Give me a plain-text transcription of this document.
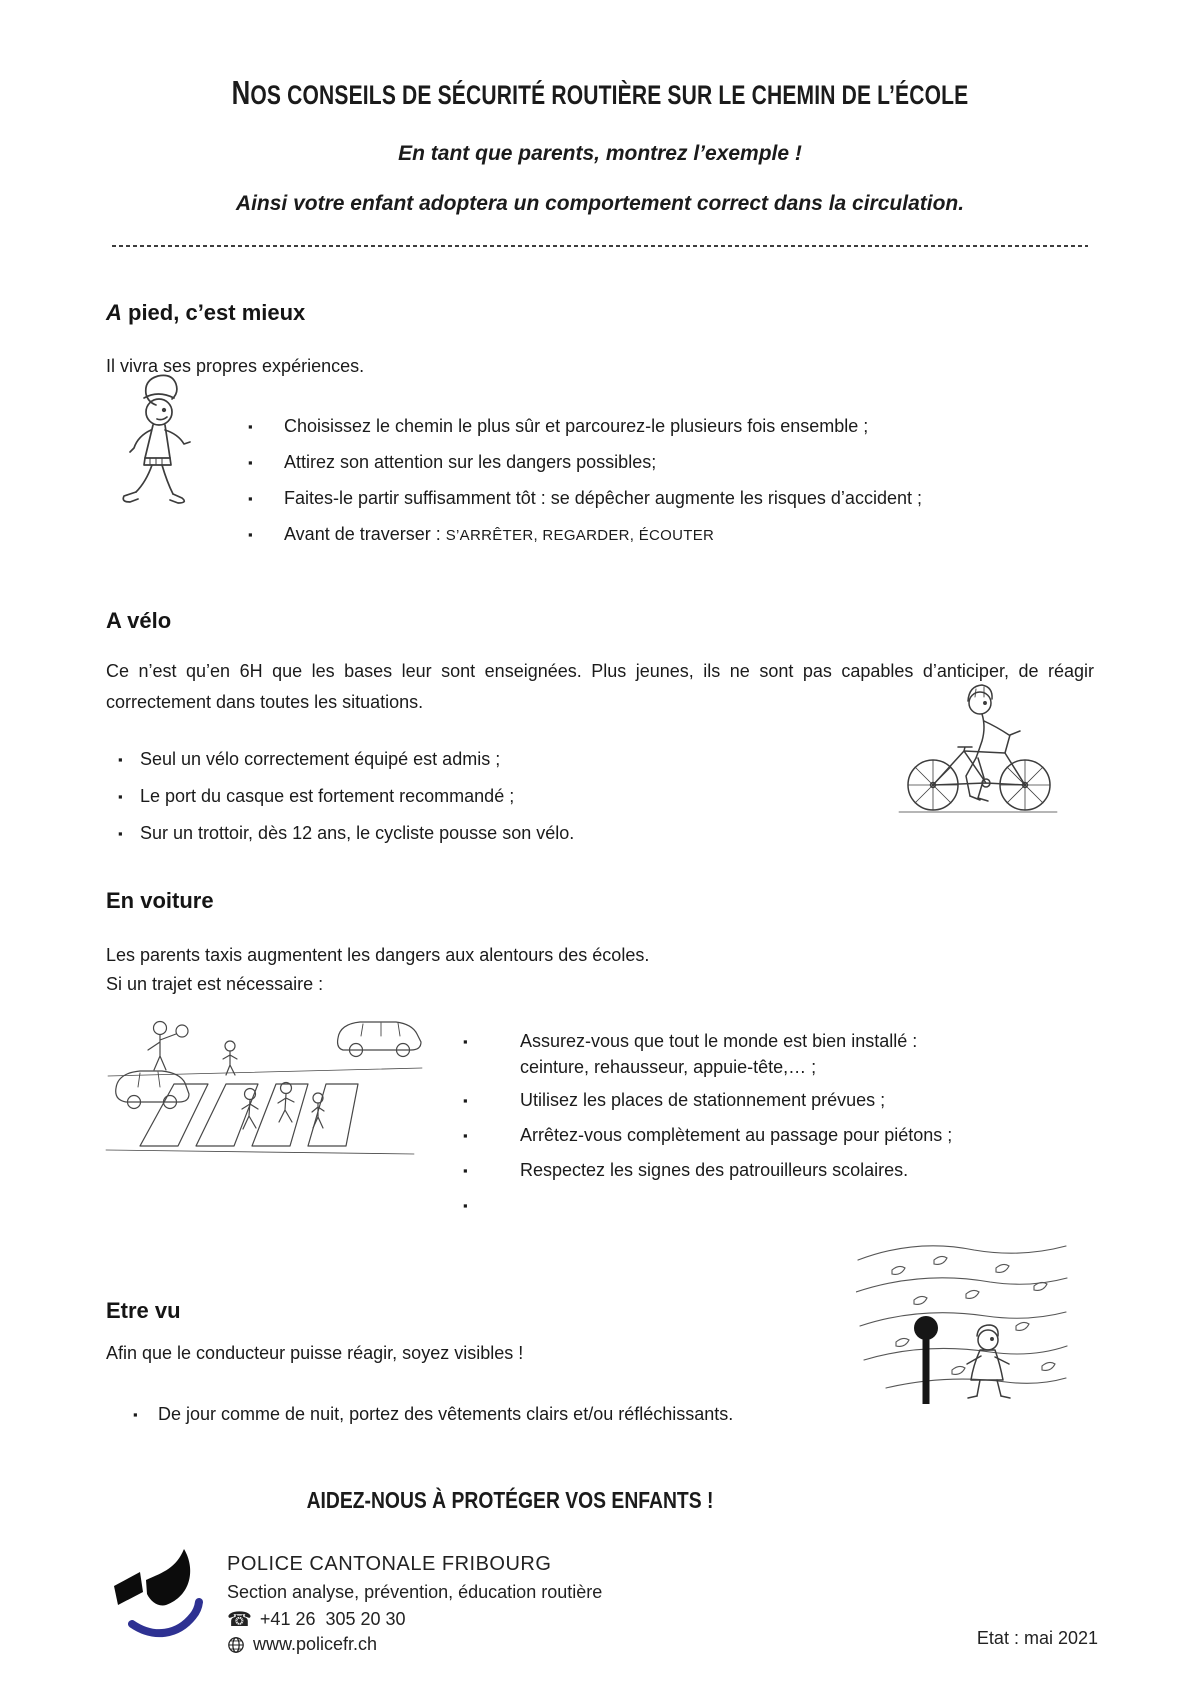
NOS CONSEILS DE SÉCURITÉ ROUTIÈRE SUR LE CHEMIN DE L’ÉCOLE
En tant que parents, montrez l’exemple !
Ainsi votre enfant adoptera un comportement correct dans la circulation.
A pied, c’est mieux
Il vivra ses propres expériences.
▪
Choisissez le chemin le plus sûr et parcourez-le plusieurs fois ensemble ;
▪
Attirez son attention sur les dangers possibles;
▪
Faites-le partir suffisamment tôt : se dépêcher augmente les risques d’accident ;
▪
Avant de traverser : S’ARRÊTER, REGARDER, ÉCOUTER
A vélo
Ce n’est qu’en 6H que les bases leur sont enseignées. Plus jeunes, ils ne sont pas capables d’anticiper, de réagir correctement dans toutes les situations.
▪
Seul un vélo correctement équipé est admis ;
▪
Le port du casque est fortement recommandé ;
▪
Sur un trottoir, dès 12 ans, le cycliste pousse son vélo.
En voiture
Les parents taxis augmentent les dangers aux alentours des écoles.
Si un trajet est nécessaire :
▪
Assurez-vous que tout le monde est bien installé : ceinture, rehausseur, appuie-tête,… ;
▪
Utilisez les places de stationnement prévues ;
▪
Arrêtez-vous complètement au passage pour piétons ;
▪
Respectez les signes des patrouilleurs scolaires.
▪
Etre vu
Afin que le conducteur puisse réagir, soyez visibles !
▪
De jour comme de nuit, portez des vêtements clairs et/ou réfléchissants.
AIDEZ-NOUS À PROTÉGER VOS ENFANTS !
POLICE CANTONALE FRIBOURG
Section analyse, prévention, éducation routière
☎ +41 26  305 20 30
www.policefr.ch	Etat : mai 2021
